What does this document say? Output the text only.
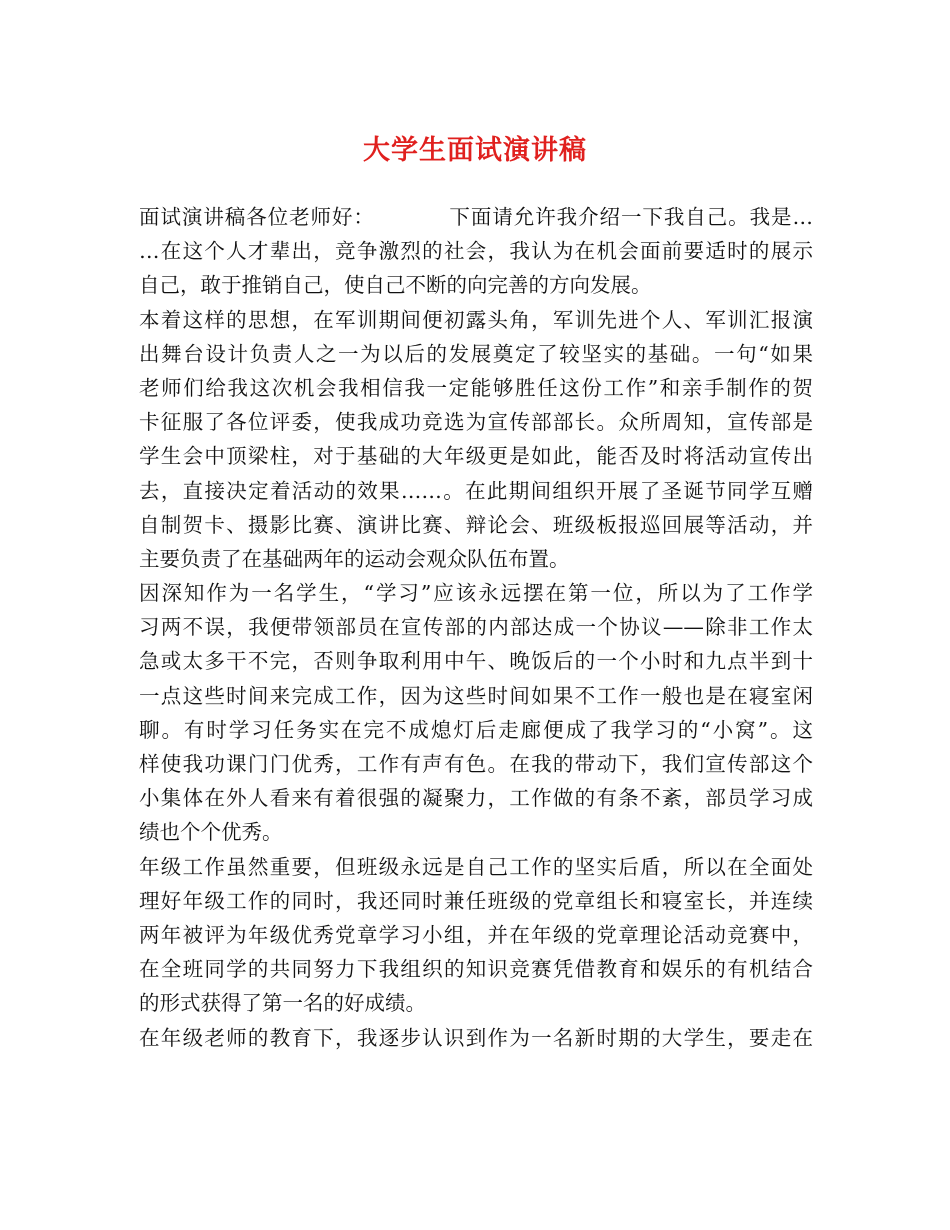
大学生面试演讲稿
面试演讲稿各位老师好：          下面请允许我介绍一下我自己。我是…
…在这个人才辈出，竞争激烈的社会，我认为在机会面前要适时的展示
自己，敢于推销自己，使自己不断的向完善的方向发展。
本着这样的思想，在军训期间便初露头角，军训先进个人、军训汇报演
出舞台设计负责人之一为以后的发展奠定了较坚实的基础。一句“如果
老师们给我这次机会我相信我一定能够胜任这份工作”和亲手制作的贺
卡征服了各位评委，使我成功竞选为宣传部部长。众所周知，宣传部是
学生会中顶梁柱，对于基础的大年级更是如此，能否及时将活动宣传出
去，直接决定着活动的效果……。在此期间组织开展了圣诞节同学互赠
自制贺卡、摄影比赛、演讲比赛、辩论会、班级板报巡回展等活动，并
主要负责了在基础两年的运动会观众队伍布置。
因深知作为一名学生，“学习”应该永远摆在第一位，所以为了工作学
习两不误，我便带领部员在宣传部的内部达成一个协议——除非工作太
急或太多干不完，否则争取利用中午、晚饭后的一个小时和九点半到十
一点这些时间来完成工作，因为这些时间如果不工作一般也是在寝室闲
聊。有时学习任务实在完不成熄灯后走廊便成了我学习的“小窝”。这
样使我功课门门优秀，工作有声有色。在我的带动下，我们宣传部这个
小集体在外人看来有着很强的凝聚力，工作做的有条不紊，部员学习成
绩也个个优秀。
年级工作虽然重要，但班级永远是自己工作的坚实后盾，所以在全面处
理好年级工作的同时，我还同时兼任班级的党章组长和寝室长，并连续
两年被评为年级优秀党章学习小组，并在年级的党章理论活动竞赛中，
在全班同学的共同努力下我组织的知识竞赛凭借教育和娱乐的有机结合
的形式获得了第一名的好成绩。
在年级老师的教育下，我逐步认识到作为一名新时期的大学生，要走在
